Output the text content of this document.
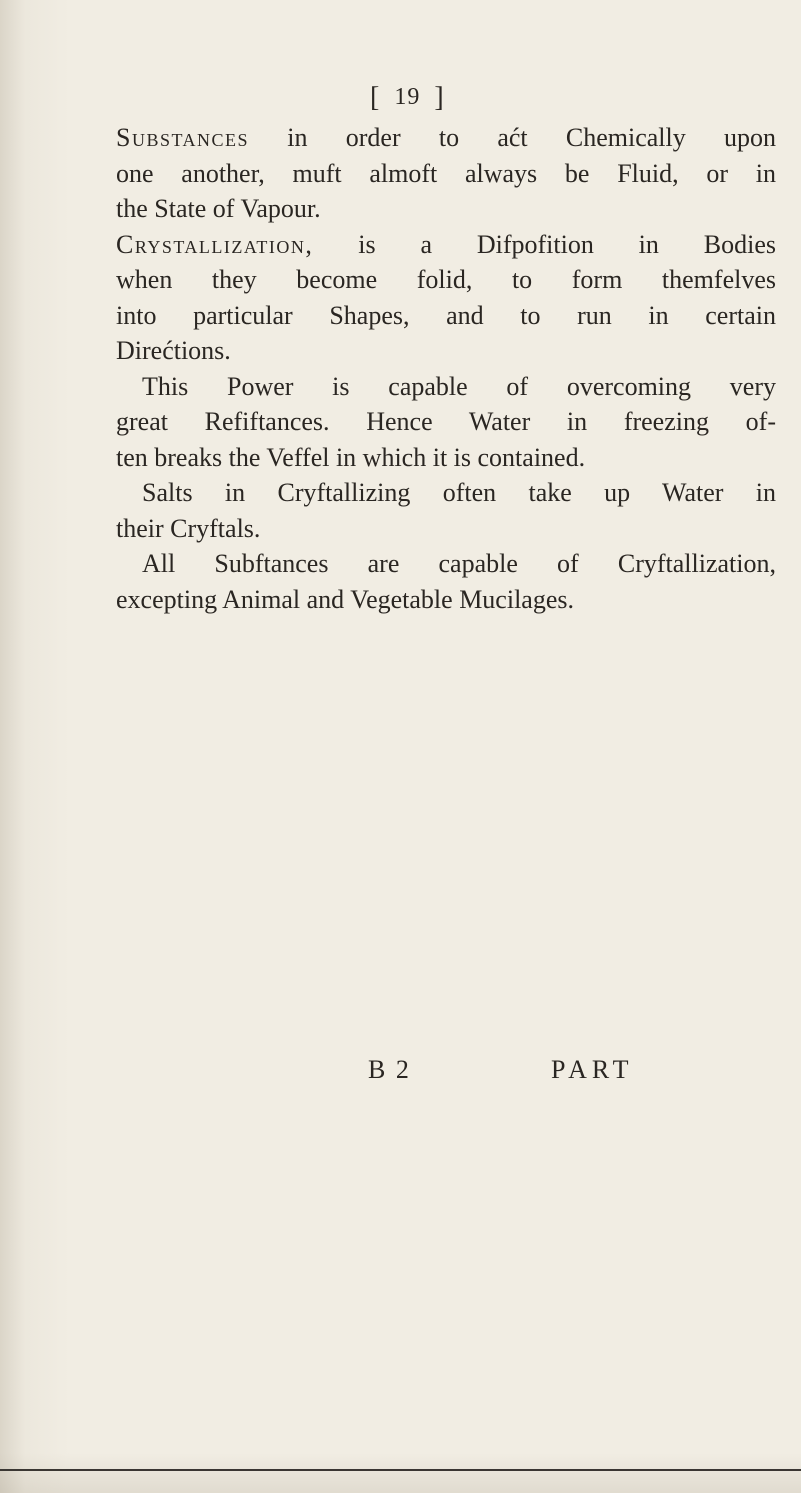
[ 19 ]
Substances in order to aćt Chemically upon
one another, muft almoft always be Fluid, or in
the State of Vapour.
Crystallization, is a Difpofition in Bodies
when they become folid, to form themfelves
into particular Shapes, and to run in certain
Direćtions.
This Power is capable of overcoming very
great Refiftances. Hence Water in freezing of-
ten breaks the Veffel in which it is contained.
Salts in Cryftallizing often take up Water in
their Cryftals.
All Subftances are capable of Cryftallization,
excepting Animal and Vegetable Mucilages.
B 2	PART
